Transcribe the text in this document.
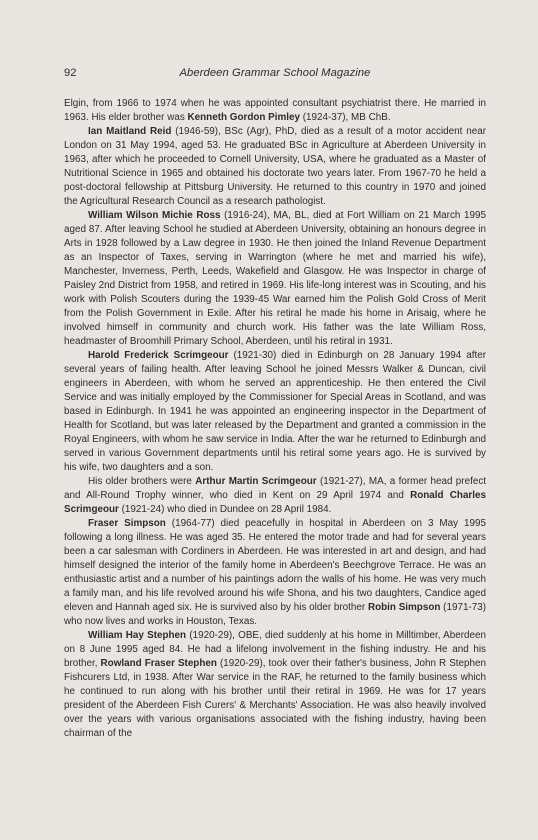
92	Aberdeen Grammar School Magazine

Elgin, from 1966 to 1974 when he was appointed consultant psychiatrist there. He married in 1963. His elder brother was Kenneth Gordon Pimley (1924-37), MB ChB.

Ian Maitland Reid (1946-59), BSc (Agr), PhD, died as a result of a motor accident near London on 31 May 1994, aged 53. He graduated BSc in Agriculture at Aberdeen University in 1963, after which he proceeded to Cornell University, USA, where he graduated as a Master of Nutritional Science in 1965 and obtained his doctorate two years later. From 1967-70 he held a post-doctoral fellowship at Pittsburg University. He returned to this country in 1970 and joined the Agricultural Research Council as a research pathologist.

William Wilson Michie Ross (1916-24), MA, BL, died at Fort William on 21 March 1995 aged 87. After leaving School he studied at Aberdeen University, obtaining an honours degree in Arts in 1928 followed by a Law degree in 1930. He then joined the Inland Revenue Department as an Inspector of Taxes, serving in Warrington (where he met and married his wife), Manchester, Inverness, Perth, Leeds, Wakefield and Glasgow. He was Inspector in charge of Paisley 2nd District from 1958, and retired in 1969. His life-long interest was in Scouting, and his work with Polish Scouters during the 1939-45 War earned him the Polish Gold Cross of Merit from the Polish Government in Exile. After his retiral he made his home in Arisaig, where he involved himself in community and church work. His father was the late William Ross, headmaster of Broomhill Primary School, Aberdeen, until his retiral in 1931.

Harold Frederick Scrimgeour (1921-30) died in Edinburgh on 28 January 1994 after several years of failing health. After leaving School he joined Messrs Walker & Duncan, civil engineers in Aberdeen, with whom he served an apprenticeship. He then entered the Civil Service and was initially employed by the Commissioner for Special Areas in Scotland, and was based in Edinburgh. In 1941 he was appointed an engineering inspector in the Department of Health for Scotland, but was later released by the Department and granted a commission in the Royal Engineers, with whom he saw service in India. After the war he returned to Edinburgh and served in various Government departments until his retiral some years ago. He is survived by his wife, two daughters and a son.

His older brothers were Arthur Martin Scrimgeour (1921-27), MA, a former head prefect and All-Round Trophy winner, who died in Kent on 29 April 1974 and Ronald Charles Scrimgeour (1921-24) who died in Dundee on 28 April 1984.

Fraser Simpson (1964-77) died peacefully in hospital in Aberdeen on 3 May 1995 following a long illness. He was aged 35. He entered the motor trade and had for several years been a car salesman with Cordiners in Aberdeen. He was interested in art and design, and had himself designed the interior of the family home in Aberdeen's Beechgrove Terrace. He was an enthusiastic artist and a number of his paintings adorn the walls of his home. He was very much a family man, and his life revolved around his wife Shona, and his two daughters, Candice aged eleven and Hannah aged six. He is survived also by his older brother Robin Simpson (1971-73) who now lives and works in Houston, Texas.

William Hay Stephen (1920-29), OBE, died suddenly at his home in Milltimber, Aberdeen on 8 June 1995 aged 84. He had a lifelong involvement in the fishing industry. He and his brother, Rowland Fraser Stephen (1920-29), took over their father's business, John R Stephen Fishcurers Ltd, in 1938. After War service in the RAF, he returned to the family business which he continued to run along with his brother until their retiral in 1969. He was for 17 years president of the Aberdeen Fish Curers' & Merchants' Association. He was also heavily involved over the years with various organisations associated with the fishing industry, having been chairman of the
